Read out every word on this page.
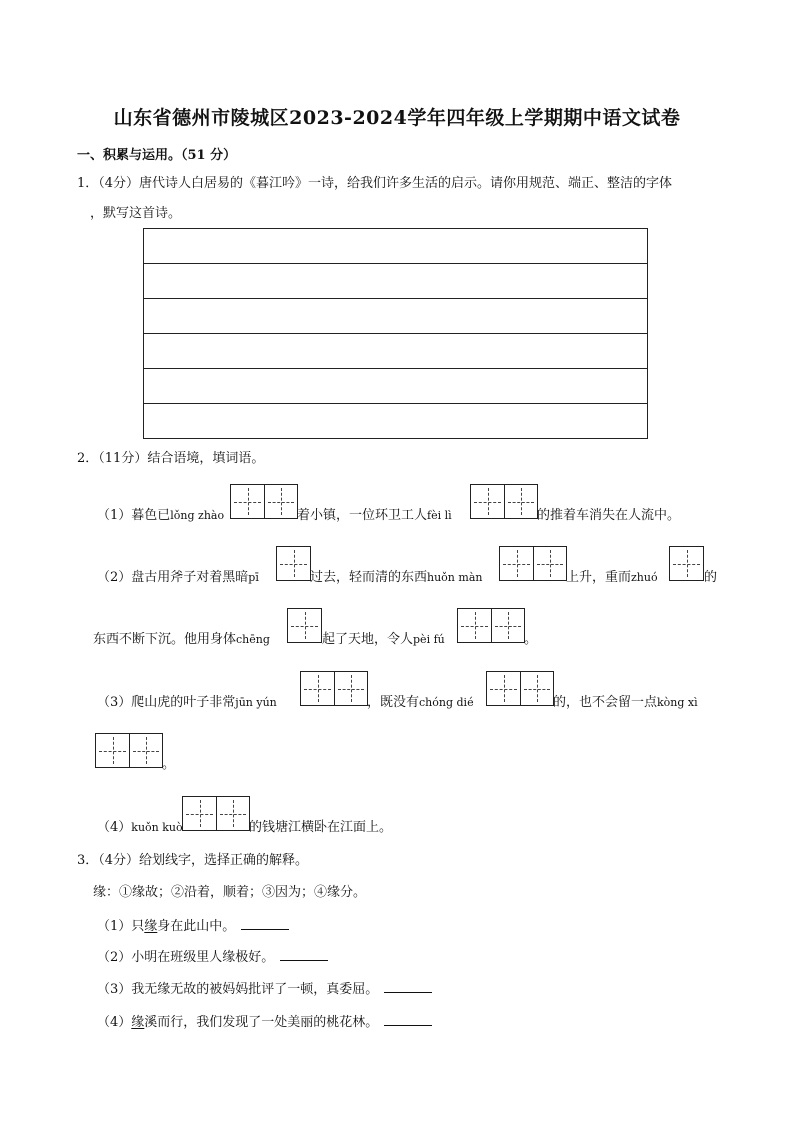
山东省德州市陵城区2023-2024学年四年级上学期期中语文试卷
一、积累与运用。（51 分）
1．（4分）唐代诗人白居易的《暮江吟》一诗，给我们许多生活的启示。请你用规范、端正、整洁的字体
，默写这首诗。
2．（11分）结合语境，填词语。
（1）暮色已lǒng zhào	着小镇，一位环卫工人fèi lì	的推着车消失在人流中。
（2）盘古用斧子对着黑暗pī	过去，轻而清的东西huǒn màn	上升，重而zhuó	的
东西不断下沉。他用身体chēng	起了天地，令人pèi fú	。
（3）爬山虎的叶子非常jūn yún	，既没有chóng dié	的，也不会留一点kòng xì
。
（4）kuǒn kuò	的钱塘江横卧在江面上。
3．（4分）给划线字，选择正确的解释。
缘：①缘故；②沿着，顺着；③因为；④缘分。
（1）只缘身在此山中。
（2）小明在班级里人缘极好。
（3）我无缘无故的被妈妈批评了一顿，真委屈。
（4）缘溪而行，我们发现了一处美丽的桃花林。
